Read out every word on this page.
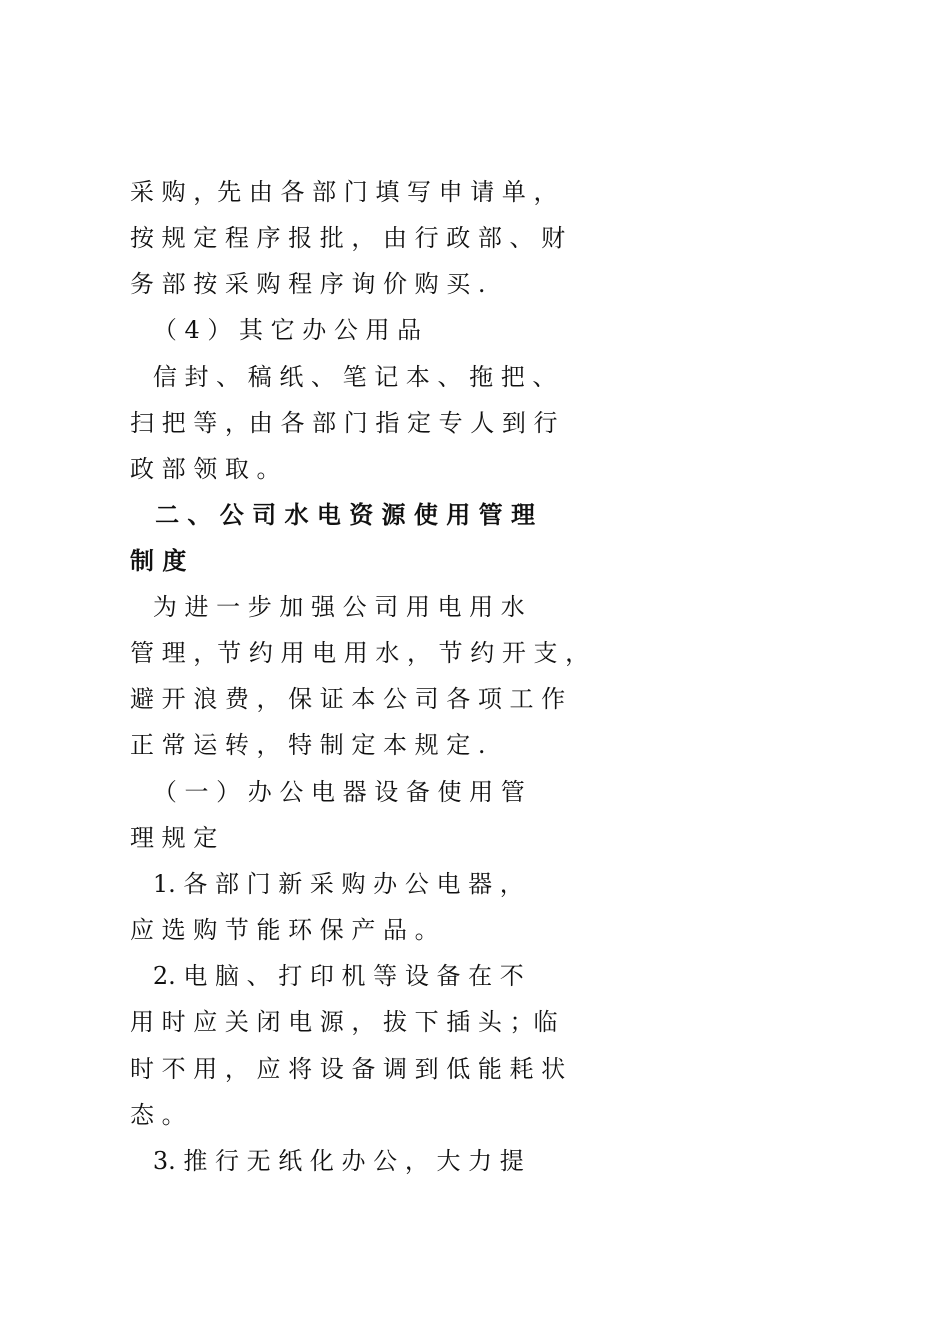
采 购 ，先 由 各 部 门 填 写 申 请 单 ，

按 规 定 程 序 报 批 ， 由 行 政 部 、 财

务 部 按 采 购 程 序 询 价 购 买 .

（ 4 ） 其 它 办 公 用 品

信 封 、 稿 纸 、 笔 记 本 、 拖 把 、

扫 把 等 ，由 各 部 门 指 定 专 人 到 行

政 部 领 取 。

二 、 公 司 水 电 资 源 使 用 管 理

制 度

为 进 一 步 加 强 公 司 用 电 用 水

管 理 ，节 约 用 电 用 水 ， 节 约 开 支 ，

避 开 浪 费 ， 保 证 本 公 司 各 项 工 作

正 常 运 转 ， 特 制 定 本 规 定 .

（ 一 ） 办 公 电 器 设 备 使 用 管

理 规 定

1. 各 部 门 新 采 购 办 公 电 器 ，

应 选 购 节 能 环 保 产 品 。

2. 电 脑 、 打 印 机 等 设 备 在 不

用 时 应 关 闭 电 源 ， 拔 下 插 头 ；临

时 不 用 ， 应 将 设 备 调 到 低 能 耗 状

态 。

3. 推 行 无 纸 化 办 公 ， 大 力 提
